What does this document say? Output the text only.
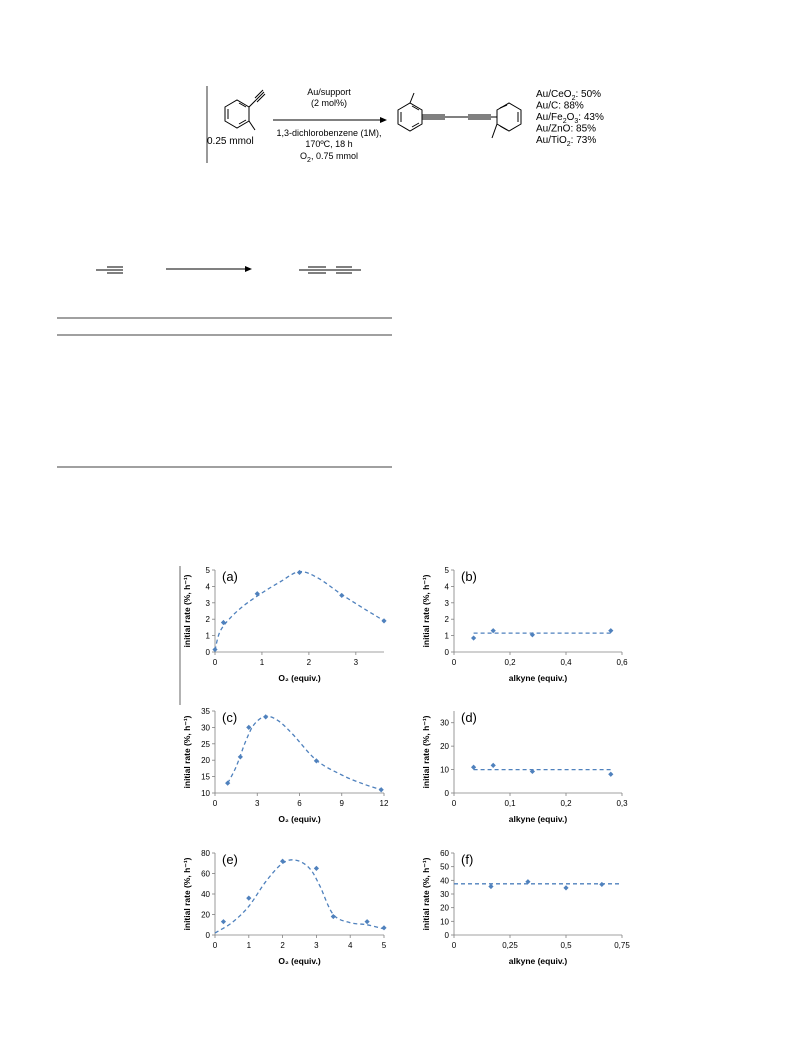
0.25 mmol
Au/support
(2 mol%)
1,3-dichlorobenzene (1M),
170ºC, 18 h
$O_2$, 0.75 mmol
Au/CeO$_2$: 50%
Au/C: 88%
$Au/Fe_2O_3$: 43%
Au/ZnO: 85%
Au/TiO$_2$: 73%
0
1
2
3
4
5
0	1	2	3
(a)
O₂ (equiv.)
initial rate (%, h⁻¹)
0
1
2
3
4
5
0	0,2	0,4	0,6
(b)
alkyne (equiv.)
initial rate (%, h⁻¹)
10
15
20
25
30
35
0	3	6	9	12
(c)
O₂ (equiv.)
initial rate (%, h⁻¹)
0
10
20
30
0	0,1	0,2	0,3
(d)
alkyne (equiv.)
initial rate (%, h⁻¹)
0
20
40
60
80
0	1	2	3	4	5
(e)
O₂ (equiv.)
initial rate (%, h⁻¹)
0
10
20
30
40
50
60
0	0,25	0,5	0,75
(f)
alkyne (equiv.)
initial rate (%, h⁻¹)
